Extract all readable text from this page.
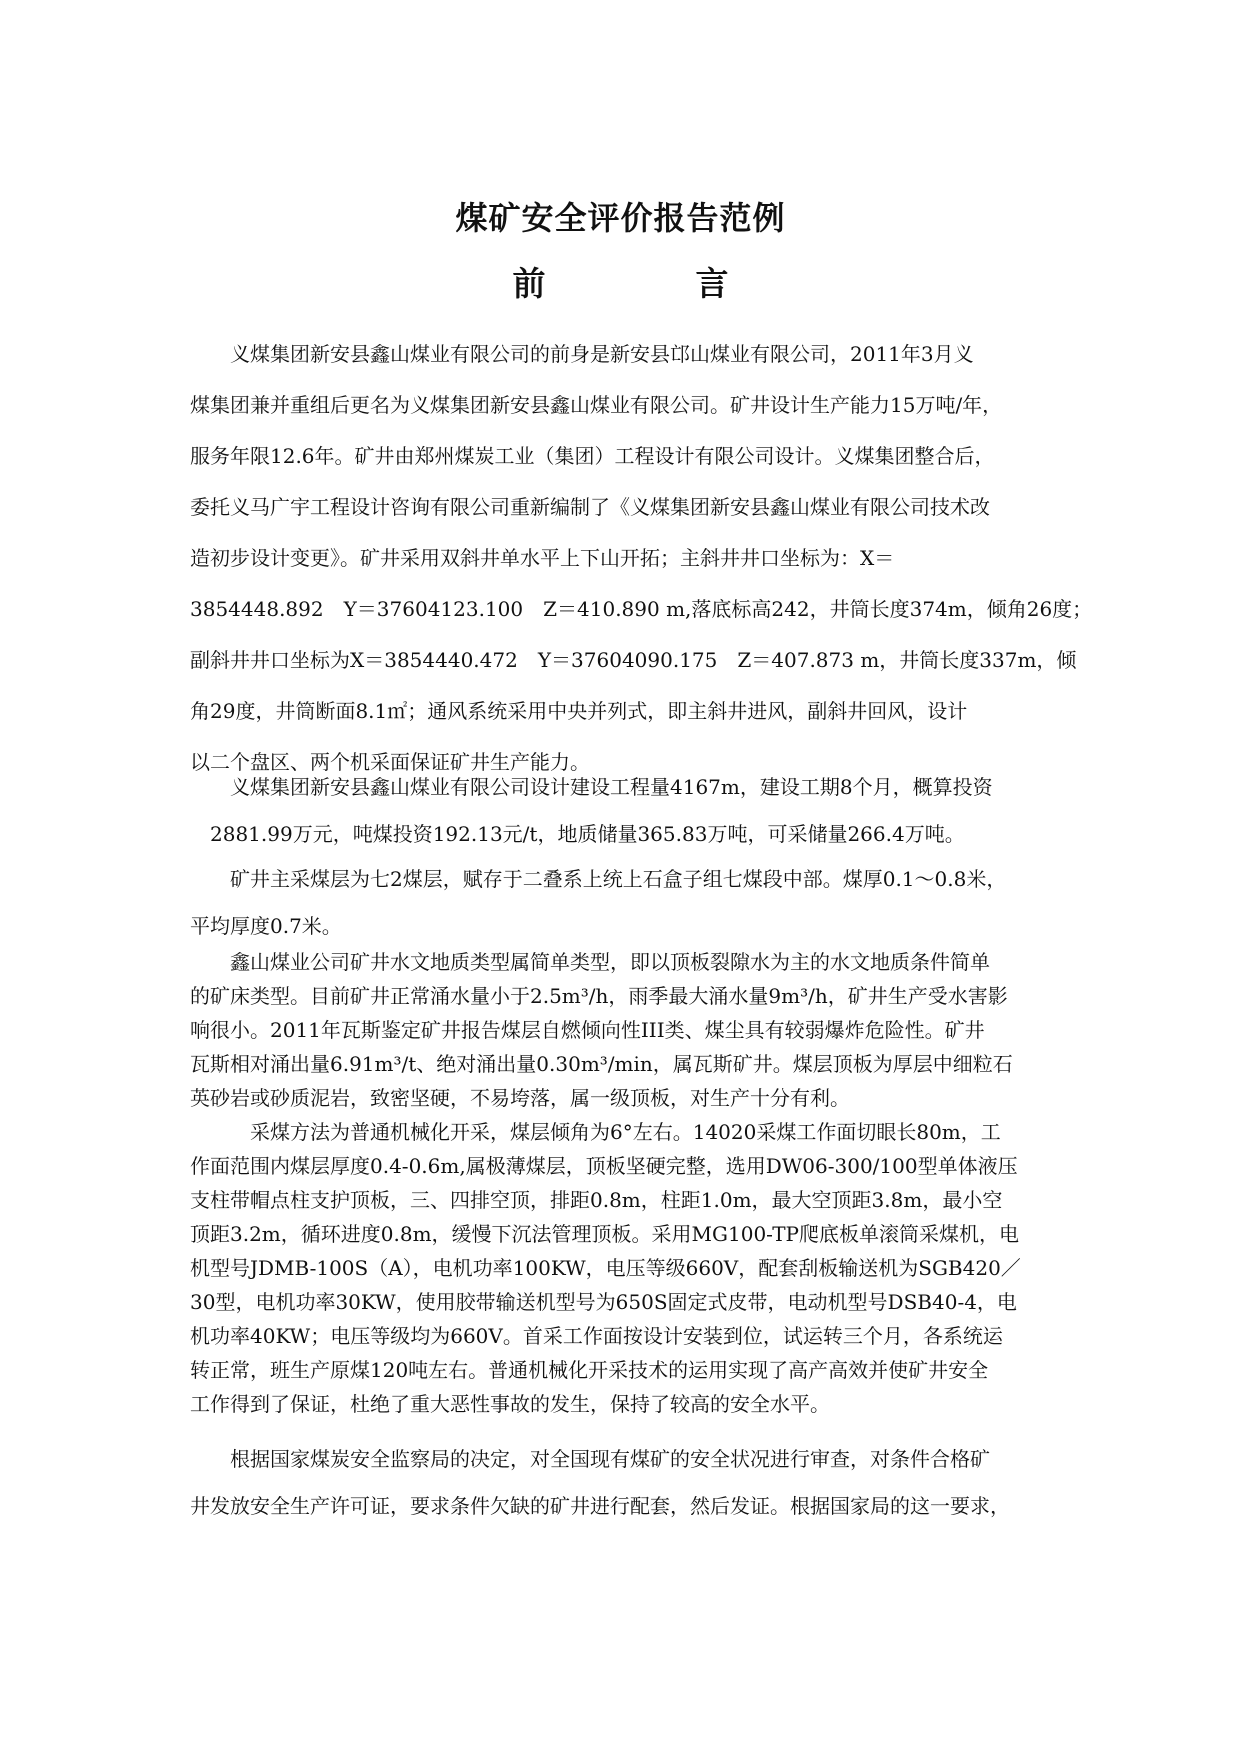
煤矿安全评价报告范例
前	言
　　义煤集团新安县鑫山煤业有限公司的前身是新安县邙山煤业有限公司，2011年3月义
煤集团兼并重组后更名为义煤集团新安县鑫山煤业有限公司。矿井设计生产能力15万吨/年，
服务年限12.6年。矿井由郑州煤炭工业（集团）工程设计有限公司设计。义煤集团整合后，
委托义马广宇工程设计咨询有限公司重新编制了《义煤集团新安县鑫山煤业有限公司技术改
造初步设计变更》。矿井采用双斜井单水平上下山开拓；主斜井井口坐标为：X＝
3854448.892　Y＝37604123.100　Z＝410.890 m,落底标高242，井筒长度374m，倾角26度；
副斜井井口坐标为X＝3854440.472　Y＝37604090.175　Z＝407.873 m，井筒长度337m，倾
角29度，井筒断面8.1㎡；通风系统采用中央并列式，即主斜井进风，副斜井回风，设计
以二个盘区、两个机采面保证矿井生产能力。
　　义煤集团新安县鑫山煤业有限公司设计建设工程量4167m，建设工期8个月，概算投资
　2881.99万元，吨煤投资192.13元/t，地质储量365.83万吨，可采储量266.4万吨。
　　矿井主采煤层为七2煤层，赋存于二叠系上统上石盒子组七煤段中部。煤厚0.1～0.8米，
平均厚度0.7米。
　　鑫山煤业公司矿井水文地质类型属简单类型，即以顶板裂隙水为主的水文地质条件简单
的矿床类型。目前矿井正常涌水量小于2.5m³/h，雨季最大涌水量9m³/h，矿井生产受水害影
响很小。2011年瓦斯鉴定矿井报告煤层自燃倾向性III类、煤尘具有较弱爆炸危险性。矿井
瓦斯相对涌出量6.91m³/t、绝对涌出量0.30m³/min，属瓦斯矿井。煤层顶板为厚层中细粒石
英砂岩或砂质泥岩，致密坚硬，不易垮落，属一级顶板，对生产十分有利。
　　　采煤方法为普通机械化开采，煤层倾角为6°左右。14020采煤工作面切眼长80m，工
作面范围内煤层厚度0.4-0.6m,属极薄煤层，顶板坚硬完整，选用DW06-300/100型单体液压
支柱带帽点柱支护顶板，三、四排空顶，排距0.8m，柱距1.0m，最大空顶距3.8m，最小空
顶距3.2m，循环进度0.8m，缓慢下沉法管理顶板。采用MG100-TP爬底板单滚筒采煤机，电
机型号JDMB-100S（A），电机功率100KW，电压等级660V，配套刮板输送机为SGB420／
30型，电机功率30KW，使用胶带输送机型号为650S固定式皮带，电动机型号DSB40-4，电
机功率40KW；电压等级均为660V。首采工作面按设计安装到位，试运转三个月，各系统运
转正常，班生产原煤120吨左右。普通机械化开采技术的运用实现了高产高效并使矿井安全
工作得到了保证，杜绝了重大恶性事故的发生，保持了较高的安全水平。
　　根据国家煤炭安全监察局的决定，对全国现有煤矿的安全状况进行审查，对条件合格矿
井发放安全生产许可证，要求条件欠缺的矿井进行配套，然后发证。根据国家局的这一要求，
